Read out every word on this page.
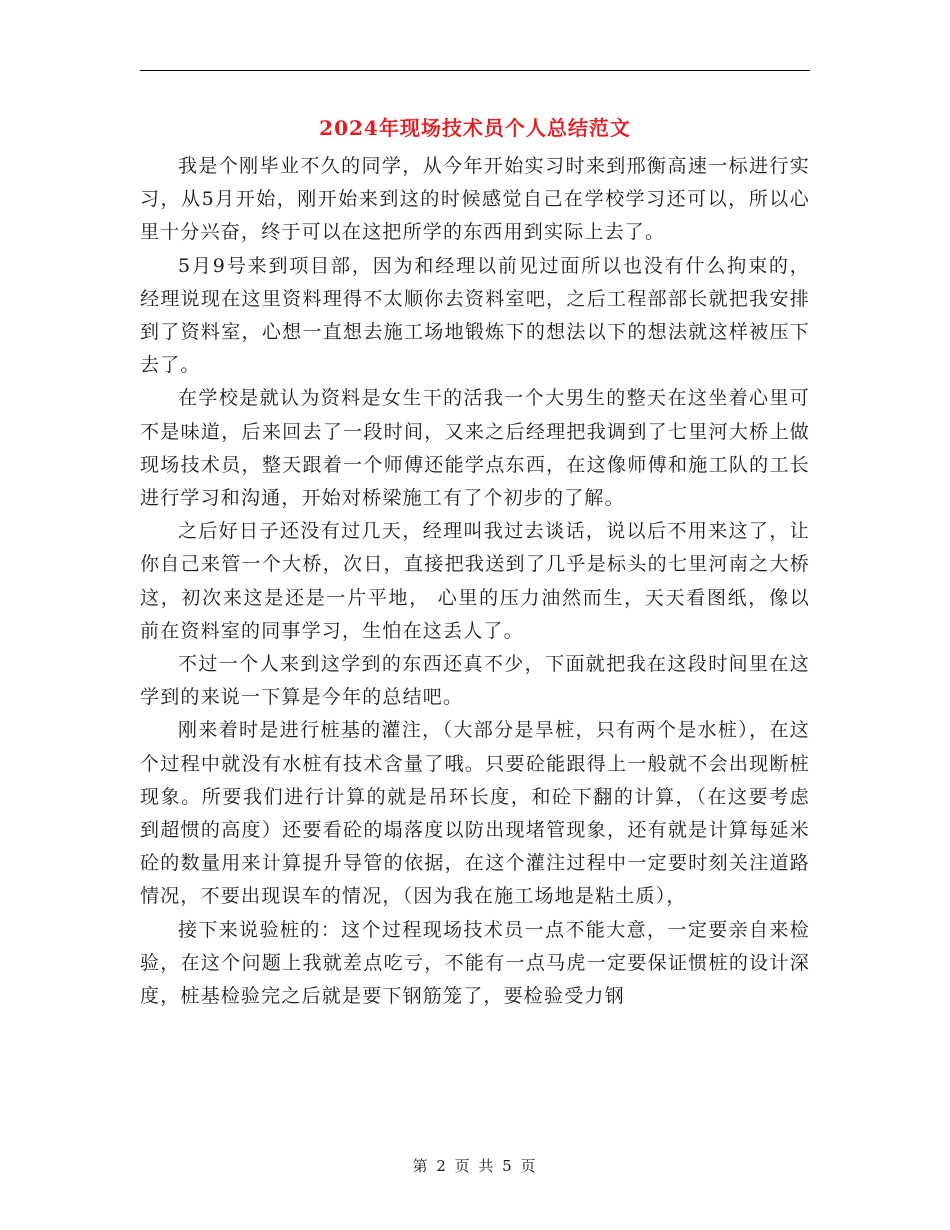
2024年现场技术员个人总结范文

我是个刚毕业不久的同学，从今年开始实习时来到邢衡高速一标进行实习，从5月开始，刚开始来到这的时候感觉自己在学校学习还可以，所以心里十分兴奋，终于可以在这把所学的东西用到实际上去了。

5月9号来到项目部，因为和经理以前见过面所以也没有什么拘束的，经理说现在这里资料理得不太顺你去资料室吧，之后工程部部长就把我安排到了资料室，心想一直想去施工场地锻炼下的想法以下的想法就这样被压下去了。

在学校是就认为资料是女生干的活我一个大男生的整天在这坐着心里可不是味道，后来回去了一段时间，又来之后经理把我调到了七里河大桥上做现场技术员，整天跟着一个师傅还能学点东西，在这像师傅和施工队的工长进行学习和沟通，开始对桥梁施工有了个初步的了解。

之后好日子还没有过几天，经理叫我过去谈话，说以后不用来这了，让你自己来管一个大桥，次日，直接把我送到了几乎是标头的七里河南之大桥这，初次来这是还是一片平地， 心里的压力油然而生，天天看图纸，像以前在资料室的同事学习，生怕在这丢人了。

不过一个人来到这学到的东西还真不少，下面就把我在这段时间里在这学到的来说一下算是今年的总结吧。

刚来着时是进行桩基的灌注，（大部分是旱桩，只有两个是水桩），在这个过程中就没有水桩有技术含量了哦。只要砼能跟得上一般就不会出现断桩现象。所要我们进行计算的就是吊环长度，和砼下翻的计算，（在这要考虑到超惯的高度）还要看砼的塌落度以防出现堵管现象，还有就是计算每延米砼的数量用来计算提升导管的依据，在这个灌注过程中一定要时刻关注道路情况，不要出现误车的情况，（因为我在施工场地是粘土质），

接下来说验桩的：这个过程现场技术员一点不能大意，一定要亲自来检验，在这个问题上我就差点吃亏，不能有一点马虎一定要保证惯桩的设计深度，桩基检验完之后就是要下钢筋笼了，要检验受力钢

第 2 页 共 5 页
